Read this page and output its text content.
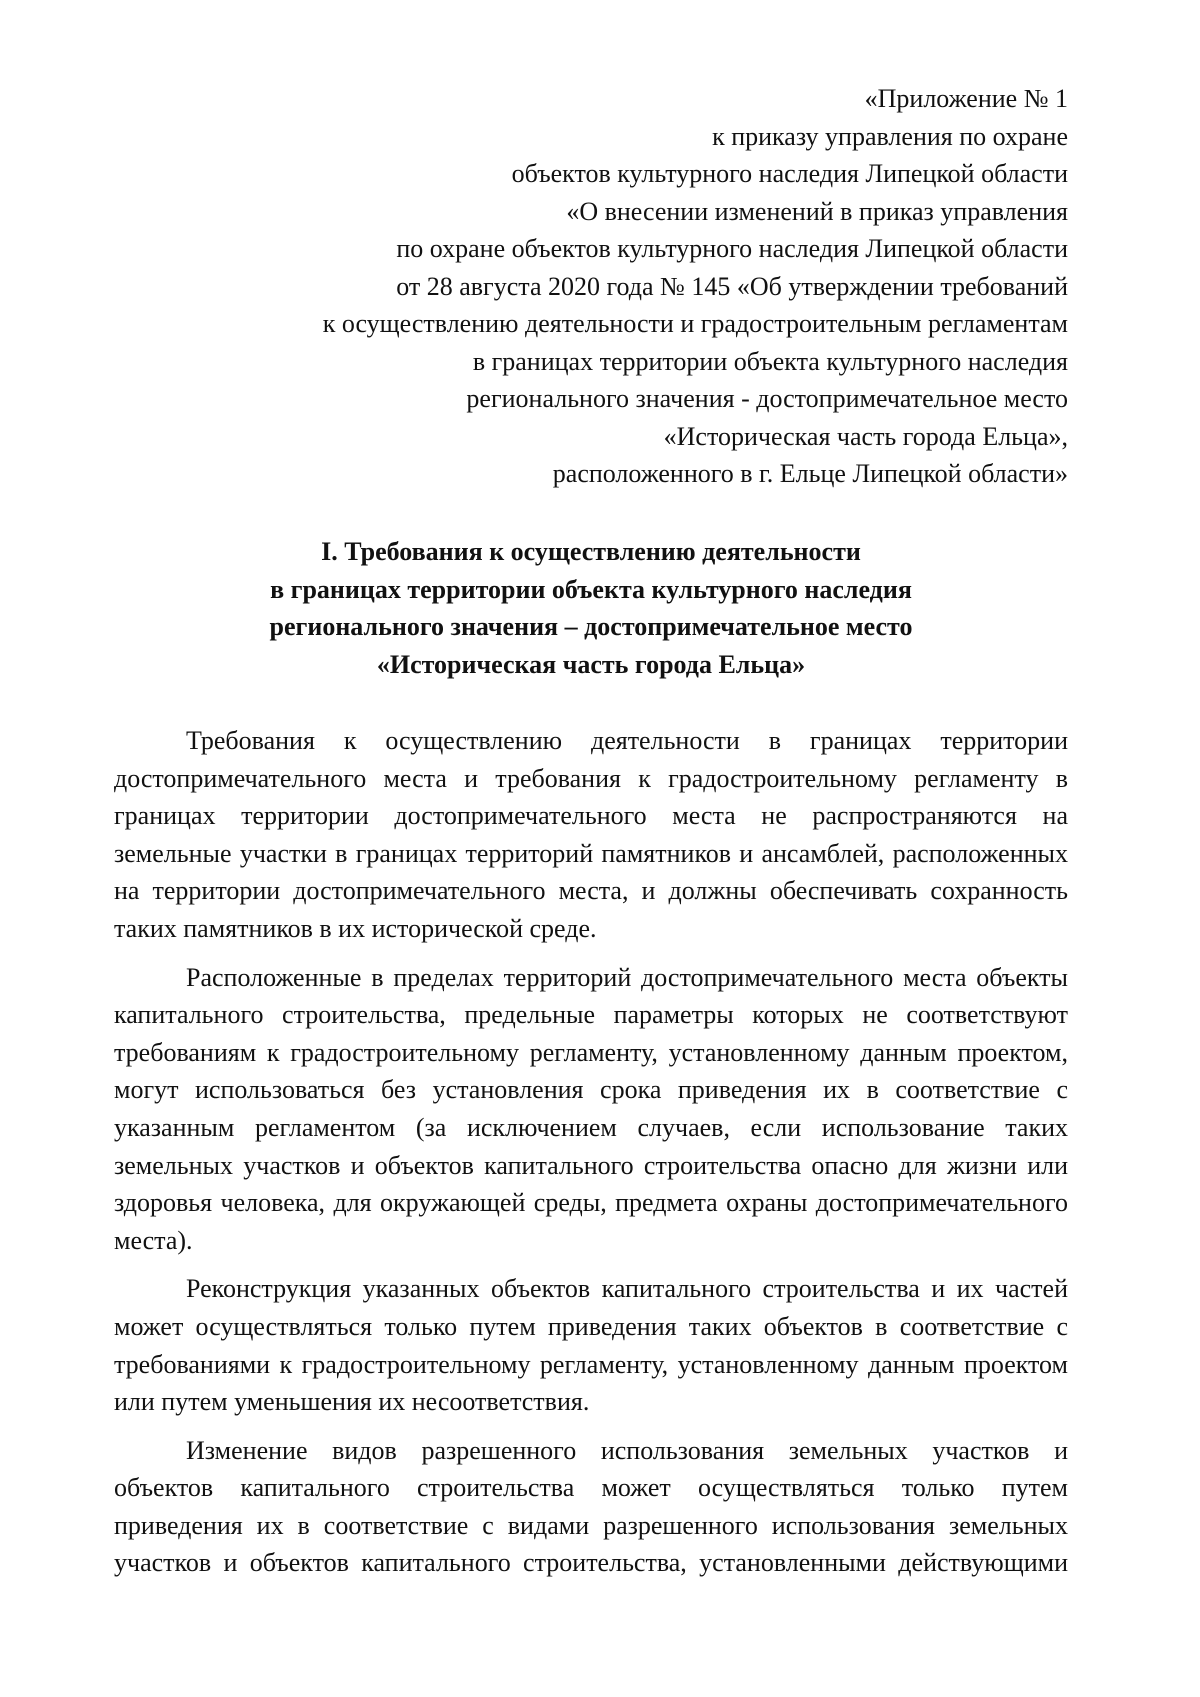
«Приложение № 1
к приказу управления по охране
объектов культурного наследия Липецкой области
«О внесении изменений в приказ управления
по охране объектов культурного наследия Липецкой области
от 28 августа 2020 года № 145 «Об утверждении требований
к осуществлению деятельности и градостроительным регламентам
в границах территории объекта культурного наследия
регионального значения - достопримечательное место
«Историческая часть города Ельца»,
расположенного в г. Ельце Липецкой области»
I. Требования к осуществлению деятельности
в границах территории объекта культурного наследия
регионального значения – достопримечательное место
«Историческая часть города Ельца»
Требования к осуществлению деятельности в границах территории
достопримечательного места и требования к градостроительному регламенту в
границах территории достопримечательного места не распространяются на
земельные участки в границах территорий памятников и ансамблей, расположенных
на территории достопримечательного места, и должны обеспечивать сохранность
таких памятников в их исторической среде.
Расположенные в пределах территорий достопримечательного места объекты
капитального строительства, предельные параметры которых не соответствуют
требованиям к градостроительному регламенту, установленному данным проектом,
могут использоваться без установления срока приведения их в соответствие с
указанным регламентом (за исключением случаев, если использование таких
земельных участков и объектов капитального строительства опасно для жизни или
здоровья человека, для окружающей среды, предмета охраны достопримечательного
места).
Реконструкция указанных объектов капитального строительства и их частей
может осуществляться только путем приведения таких объектов в соответствие с
требованиями к градостроительному регламенту, установленному данным проектом
или путем уменьшения их несоответствия.
Изменение видов разрешенного использования земельных участков и
объектов капитального строительства может осуществляться только путем
приведения их в соответствие с видами разрешенного использования земельных
участков и объектов капитального строительства, установленными действующими
